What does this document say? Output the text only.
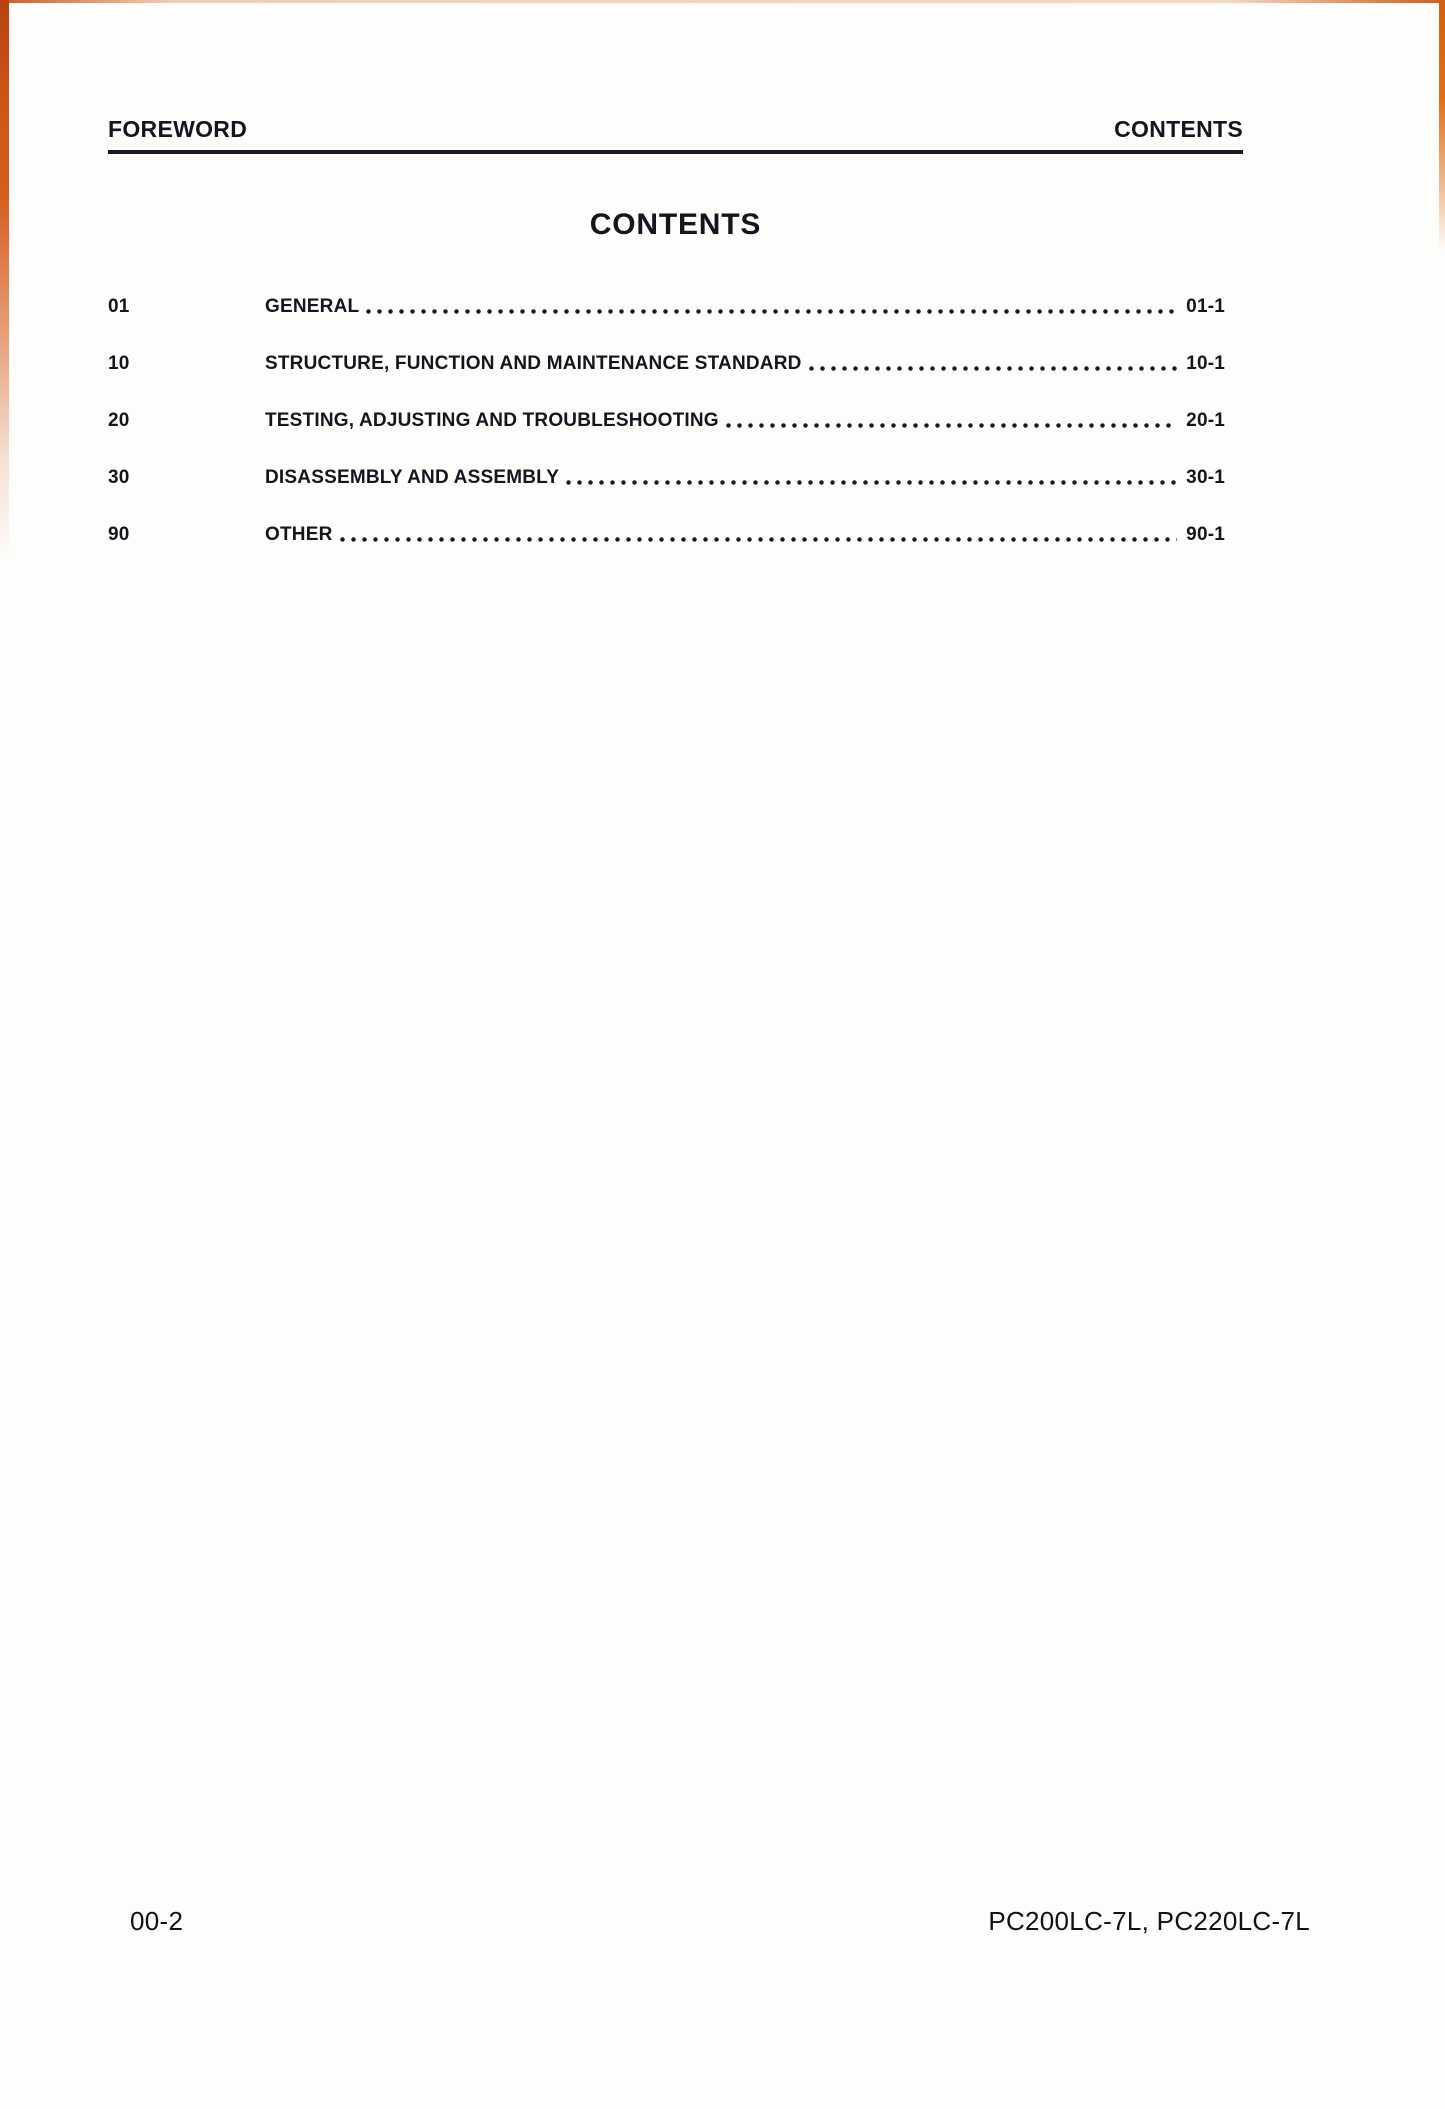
FOREWORD	CONTENTS
CONTENTS
01	GENERAL	01-1
10	STRUCTURE, FUNCTION AND MAINTENANCE STANDARD	10-1
20	TESTING, ADJUSTING AND TROUBLESHOOTING	20-1
30	DISASSEMBLY AND ASSEMBLY	30-1
90	OTHER	90-1
00-2	PC200LC-7L, PC220LC-7L
